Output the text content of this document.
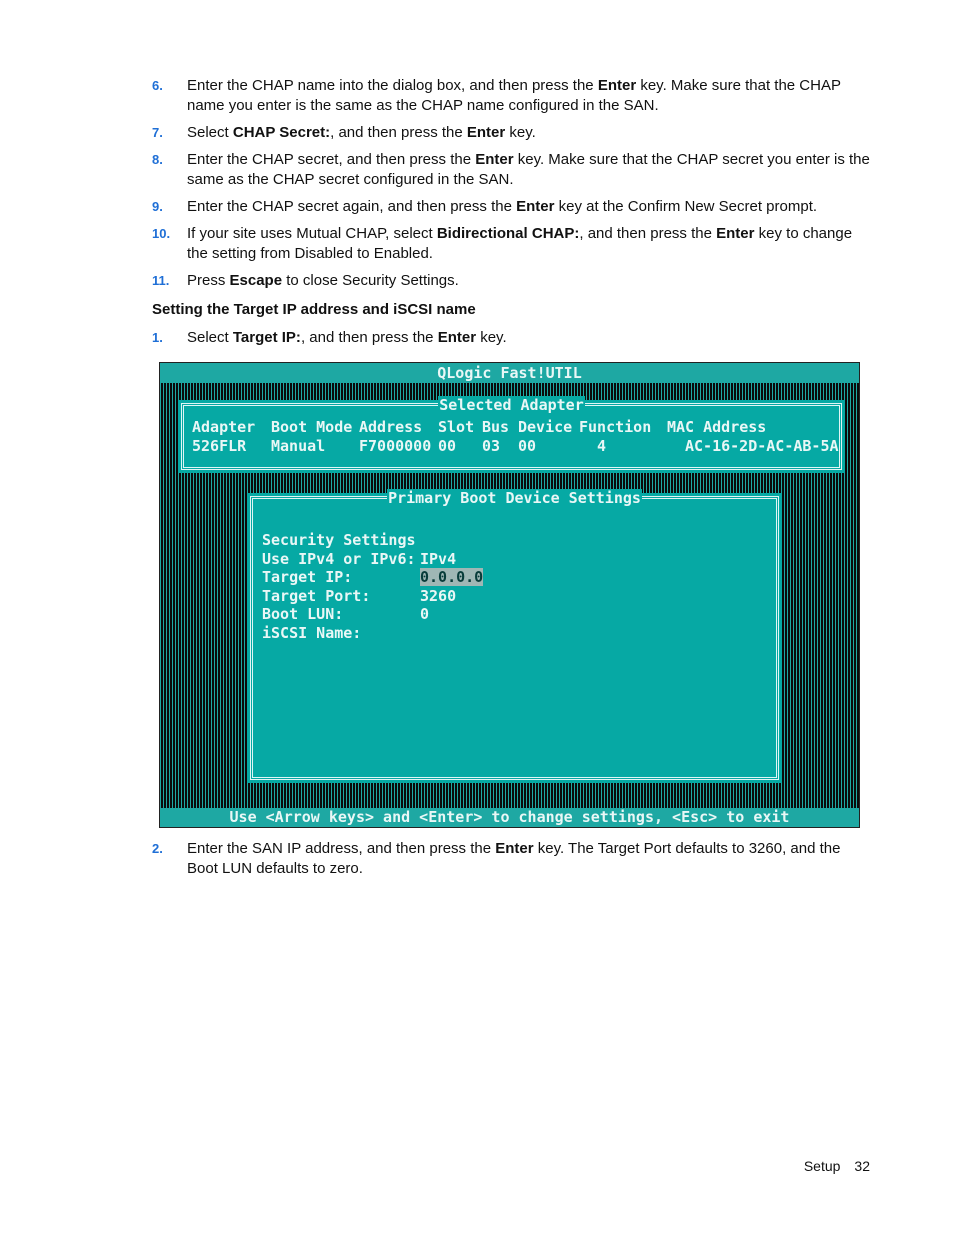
6. Enter the CHAP name into the dialog box, and then press the Enter key. Make sure that the CHAP name you enter is the same as the CHAP name configured in the SAN.
7. Select CHAP Secret:, and then press the Enter key.
8. Enter the CHAP secret, and then press the Enter key. Make sure that the CHAP secret you enter is the same as the CHAP secret configured in the SAN.
9. Enter the CHAP secret again, and then press the Enter key at the Confirm New Secret prompt.
10. If your site uses Mutual CHAP, select Bidirectional CHAP:, and then press the Enter key to change the setting from Disabled to Enabled.
11. Press Escape to close Security Settings.
Setting the Target IP address and iSCSI name
1. Select Target IP:, and then press the Enter key.
QLogic Fast!UTIL
Selected Adapter
Adapter Boot Mode Address Slot Bus Device Function MAC Address
526FLR Manual F7000000 00 03 00	4	AC-16-2D-AC-AB-5A
Primary Boot Device Settings
Security Settings
Use IPv4 or IPv6: IPv4
Target IP:	0.0.0.0
Target Port:	3260
Boot LUN:	0
iSCSI Name:
Use <Arrow keys> and <Enter> to change settings, <Esc> to exit
2. Enter the SAN IP address, and then press the Enter key. The Target Port defaults to 3260, and the Boot LUN defaults to zero.
Setup 32
